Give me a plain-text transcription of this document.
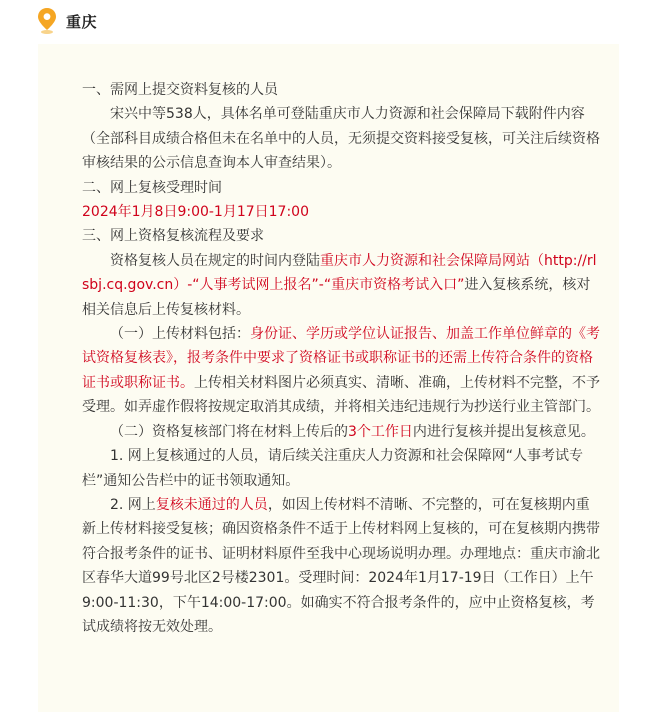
重庆

一、需网上提交资料复核的人员

宋兴中等538人，具体名单可登陆重庆市人力资源和社会保障局下载附件内容（全部科目成绩合格但未在名单中的人员，无须提交资料接受复核，可关注后续资格审核结果的公示信息查询本人审查结果）。

二、网上复核受理时间

2024年1月8日9:00-1月17日17:00

三、网上资格复核流程及要求

资格复核人员在规定的时间内登陆重庆市人力资源和社会保障局网站（http://rlsbj.cq.gov.cn）-“人事考试网上报名”-“重庆市资格考试入口”进入复核系统，核对相关信息后上传复核材料。

（一）上传材料包括：身份证、学历或学位认证报告、加盖工作单位鲜章的《考试资格复核表》，报考条件中要求了资格证书或职称证书的还需上传符合条件的资格证书或职称证书。上传相关材料图片必须真实、清晰、准确，上传材料不完整，不予受理。如弄虚作假将按规定取消其成绩，并将相关违纪违规行为抄送行业主管部门。

（二）资格复核部门将在材料上传后的3个工作日内进行复核并提出复核意见。

1. 网上复核通过的人员，请后续关注重庆人力资源和社会保障网“人事考试专栏”通知公告栏中的证书领取通知。

2. 网上复核未通过的人员，如因上传材料不清晰、不完整的，可在复核期内重新上传材料接受复核；确因资格条件不适于上传材料网上复核的，可在复核期内携带符合报考条件的证书、证明材料原件至我中心现场说明办理。办理地点：重庆市渝北区春华大道99号北区2号楼2301。受理时间：2024年1月17-19日（工作日）上午9:00-11:30，下午14:00-17:00。如确实不符合报考条件的，应中止资格复核，考试成绩将按无效处理。
